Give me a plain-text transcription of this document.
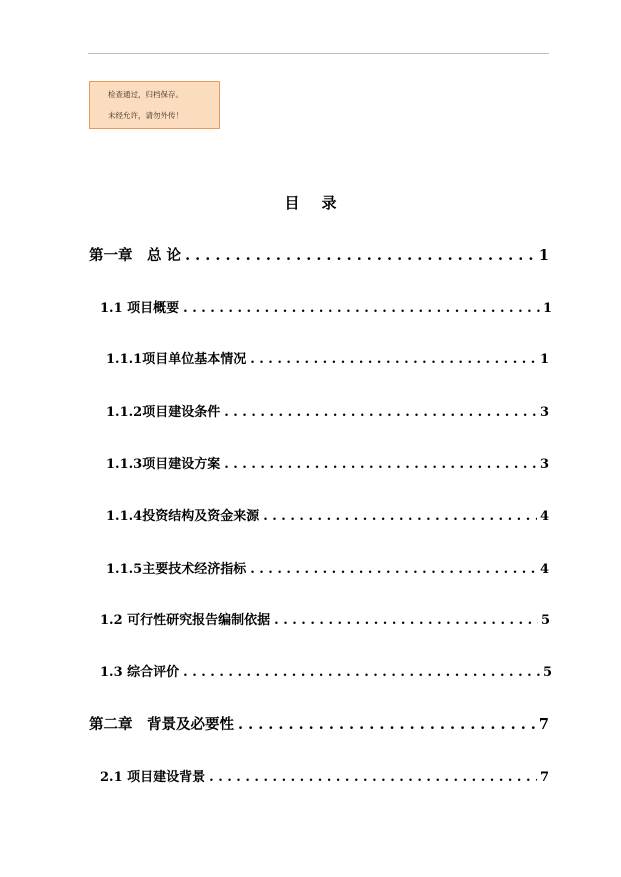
检查通过，归档保存。
未经允许，请勿外传！
目录
第一章　总 论 . . .	1
1.1 项目概要 . . .	1
1.1.1项目单位基本情况 . . .	1
1.1.2项目建设条件 . . .	3
1.1.3项目建设方案 . . .	3
1.1.4投资结构及资金来源 . . .	4
1.1.5主要技术经济指标 . . .	4
1.2 可行性研究报告编制依据 . . .	5
1.3 综合评价 . . .	5
第二章　背景及必要性 . . .	7
2.1 项目建设背景 . . .	7
